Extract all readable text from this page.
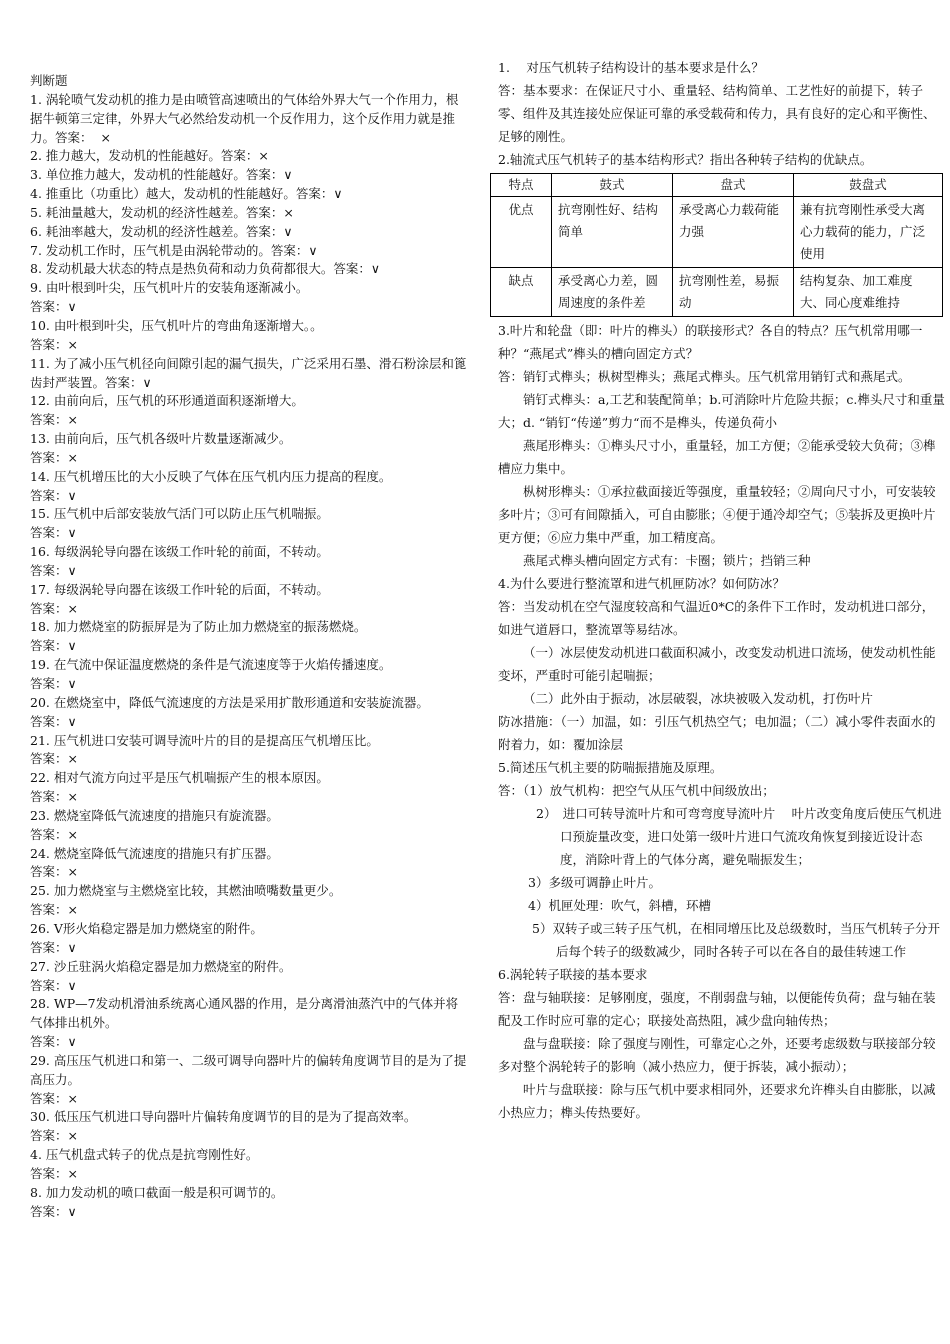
判断题
1. 涡轮喷气发动机的推力是由喷管高速喷出的气体给外界大气一个作用力，根据牛顿第三定律，外界大气必然给发动机一个反作用力，这个反作用力就是推力。答案：  ×
2. 推力越大，发动机的性能越好。答案：×
3. 单位推力越大，发动机的性能越好。答案：∨
4. 推重比（功重比）越大，发动机的性能越好。答案：∨
5. 耗油量越大，发动机的经济性越差。答案：×
6. 耗油率越大，发动机的经济性越差。答案：∨
7. 发动机工作时，压气机是由涡轮带动的。答案：∨
8. 发动机最大状态的特点是热负荷和动力负荷都很大。答案：∨
9. 由叶根到叶尖，压气机叶片的安装角逐渐减小。
答案：∨
10. 由叶根到叶尖，压气机叶片的弯曲角逐渐增大。。
答案：×
11. 为了减小压气机径向间隙引起的漏气损失，广泛采用石墨、滑石粉涂层和篦齿封严装置。答案：∨
12. 由前向后，压气机的环形通道面积逐渐增大。
答案：×
13. 由前向后，压气机各级叶片数量逐渐减少。
答案：×
14. 压气机增压比的大小反映了气体在压气机内压力提高的程度。
答案：∨
15. 压气机中后部安装放气活门可以防止压气机喘振。
答案：∨
16. 每级涡轮导向器在该级工作叶轮的前面，不转动。
答案：∨
17. 每级涡轮导向器在该级工作叶轮的后面，不转动。
答案：×
18. 加力燃烧室的防振屏是为了防止加力燃烧室的振荡燃烧。
答案：∨
19. 在气流中保证温度燃烧的条件是气流速度等于火焰传播速度。
答案：∨
20. 在燃烧室中，降低气流速度的方法是采用扩散形通道和安装旋流器。
答案：∨
21. 压气机进口安装可调导流叶片的目的是提高压气机增压比。
答案：×
22. 相对气流方向过平是压气机喘振产生的根本原因。
答案：×
23. 燃烧室降低气流速度的措施只有旋流器。
答案：×
24. 燃烧室降低气流速度的措施只有扩压器。
答案：×
25. 加力燃烧室与主燃烧室比较，其燃油喷嘴数量更少。
答案：×
26. V形火焰稳定器是加力燃烧室的附件。
答案：∨
27. 沙丘驻涡火焰稳定器是加力燃烧室的附件。
答案：∨
28. WP—7发动机滑油系统离心通风器的作用，是分离滑油蒸汽中的气体并将气体排出机外。
答案：∨
29. 高压压气机进口和第一、二级可调导向器叶片的偏转角度调节目的是为了提高压力。
答案：×
30. 低压压气机进口导向器叶片偏转角度调节的目的是为了提高效率。
答案：×
4. 压气机盘式转子的优点是抗弯刚性好。
答案：×
8. 加力发动机的喷口截面一般是积可调节的。
答案：∨

1.　 对压气机转子结构设计的基本要求是什么？

答：基本要求：在保证尺寸小、重量轻、结构简单、工艺性好的前提下，转子零、组件及其连接处应保证可靠的承受载荷和传力，具有良好的定心和平衡性、足够的刚性。

2.轴流式压气机转子的基本结构形式？指出各种转子结构的优缺点。

特点	鼓式	盘式	鼓盘式
优点	抗弯刚性好、结构简单	承受离心力载荷能力强	兼有抗弯刚性承受大离心力载荷的能力，广泛使用
缺点	承受离心力差，圆周速度的条件差	抗弯刚性差，易振动	结构复杂、加工难度大、同心度难维持

3.叶片和轮盘（即：叶片的榫头）的联接形式？各自的特点？压气机常用哪一种？“燕尾式”榫头的槽向固定方式？

答：销钉式榫头；枞树型榫头；燕尾式榫头。压气机常用销钉式和燕尾式。

销钉式榫头：a,工艺和装配简单；b.可消除叶片危险共振；c.榫头尺寸和重量大；d. “销钉“传递”剪力“而不是榫头，传递负荷小

燕尾形榫头：①榫头尺寸小，重量轻，加工方便；②能承受较大负荷；③榫槽应力集中。

枞树形榫头：①承拉截面接近等强度，重量较轻；②周向尺寸小，可安装较多叶片；③可有间隙插入，可自由膨胀；④便于通冷却空气；⑤装拆及更换叶片更方便；⑥应力集中严重，加工精度高。

燕尾式榫头槽向固定方式有：卡圈；锁片；挡销三种

4.为什么要进行整流罩和进气机匣防冰？如何防冰？

答：当发动机在空气湿度较高和气温近0*C的条件下工作时，发动机进口部分，如进气道唇口，整流罩等易结冰。

（一）冰层使发动机进口截面积减小，改变发动机进口流场，使发动机性能变坏，严重时可能引起喘振；

（二）此外由于振动，冰层破裂，冰块被吸入发动机，打伤叶片

防冰措施：（一）加温，如：引压气机热空气；电加温；（二）减小零件表面水的附着力，如：覆加涂层

5.简述压气机主要的防喘振措施及原理。

答：（1）放气机构：把空气从压气机中间级放出；

2）　进口可转导流叶片和可弯弯度导流叶片　 叶片改变角度后使压气机进口预旋量改变，进口处第一级叶片进口气流攻角恢复到接近设计态度，消除叶背上的气体分离，避免喘振发生；

3）多级可调静止叶片。

4）机匣处理：吹气，斜槽，环槽

5）双转子或三转子压气机，在相同增压比及总级数时，当压气机转子分开后每个转子的级数减少，同时各转子可以在各自的最佳转速工作

6.涡轮转子联接的基本要求

答：盘与轴联接：足够刚度，强度，不削弱盘与轴，以便能传负荷；盘与轴在装配及工作时应可靠的定心；联接处高热阻，减少盘向轴传热；

盘与盘联接：除了强度与刚性，可靠定心之外，还要考虑级数与联接部分较多对整个涡轮转子的影响（减小热应力，便于拆装，减小振动）；

叶片与盘联接：除与压气机中要求相同外，还要求允许榫头自由膨胀，以减小热应力；榫头传热要好。
